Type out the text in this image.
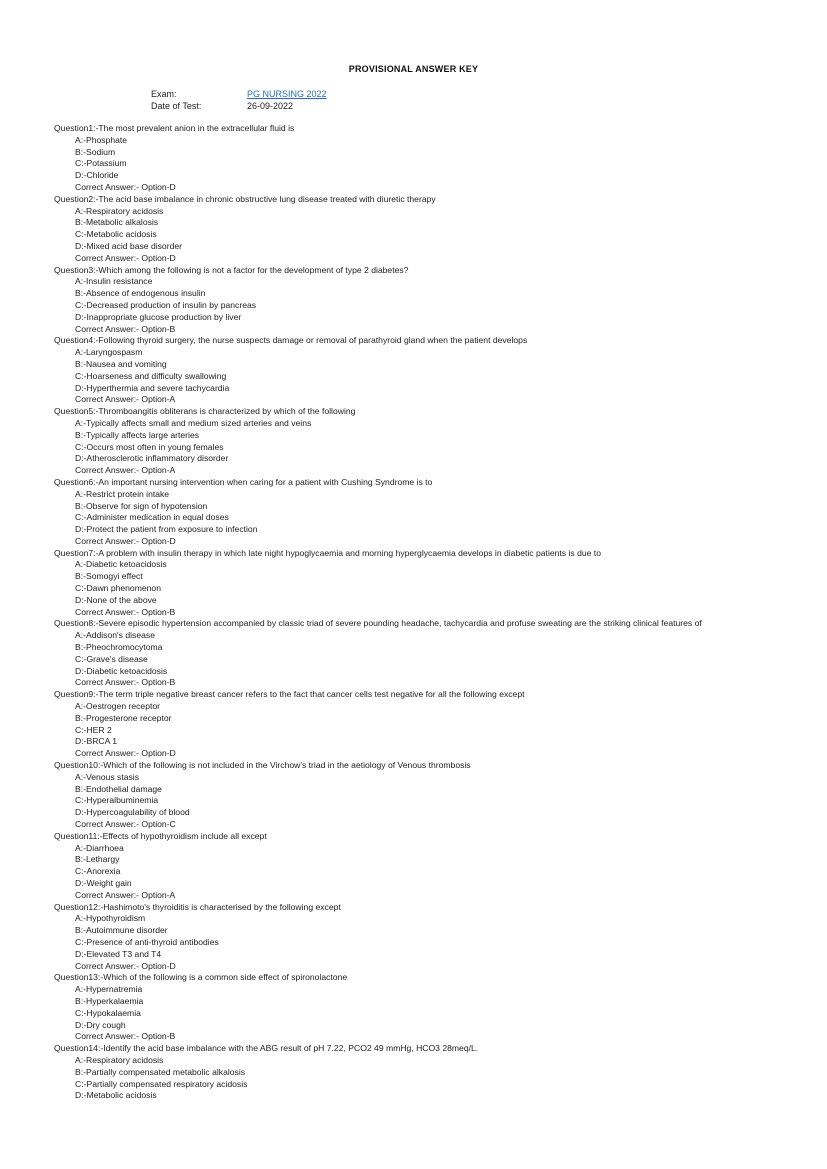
PROVISIONAL ANSWER KEY
Exam:	PG NURSING 2022
Date of Test:	26-09-2022
Question1:-The most prevalent anion in the extracellular fluid is
A:-Phosphate
B:-Sodium
C:-Potassium
D:-Chloride
Correct Answer:- Option-D
Question2:-The acid base imbalance in chronic obstructive lung disease treated with diuretic therapy
A:-Respiratory acidosis
B:-Metabolic alkalosis
C:-Metabolic acidosis
D:-Mixed acid base disorder
Correct Answer:- Option-D
Question3:-Which among the following is not a factor for the development of type 2 diabetes?
A:-Insulin resistance
B:-Absence of endogenous insulin
C:-Decreased production of insulin by pancreas
D:-Inappropriate glucose production by liver
Correct Answer:- Option-B
Question4:-Following thyroid surgery, the nurse suspects damage or removal of parathyroid gland when the patient develops
A:-Laryngospasm
B:-Nausea and vomiting
C:-Hoarseness and difficulty swallowing
D:-Hyperthermia and severe tachycardia
Correct Answer:- Option-A
Question5:-Thromboangitis obliterans is characterized by which of the following
A:-Typically affects small and medium sized arteries and veins
B:-Typically affects large arteries
C:-Occurs most often in young females
D:-Atherosclerotic inflammatory disorder
Correct Answer:- Option-A
Question6:-An important nursing intervention when caring for a patient with Cushing Syndrome is to
A:-Restrict protein intake
B:-Observe for sign of hypotension
C:-Administer medication in equal doses
D:-Protect the patient from exposure to infection
Correct Answer:- Option-D
Question7:-A problem with insulin therapy in which late night hypoglycaemia and morning hyperglycaemia develops in diabetic patients is due to
A:-Diabetic ketoacidosis
B:-Somogyi effect
C:-Dawn phenomenon
D:-None of the above
Correct Answer:- Option-B
Question8:-Severe episodic hypertension accompanied by classic triad of severe pounding headache, tachycardia and profuse sweating are the striking clinical features of
A:-Addison's disease
B:-Pheochromocytoma
C:-Grave's disease
D:-Diabetic ketoacidosis
Correct Answer:- Option-B
Question9:-The term triple negative breast cancer refers to the fact that cancer cells test negative for all the following except
A:-Oestrogen receptor
B:-Progesterone receptor
C:-HER 2
D:-BRCA 1
Correct Answer:- Option-D
Question10:-Which of the following is not included in the Virchow's triad in the aetiology of Venous thrombosis
A:-Venous stasis
B:-Endothelial damage
C:-Hyperalbuminemia
D:-Hypercoagulability of blood
Correct Answer:- Option-C
Question11:-Effects of hypothyroidism include all except
A:-Diarrhoea
B:-Lethargy
C:-Anorexia
D:-Weight gain
Correct Answer:- Option-A
Question12:-Hashimoto's thyroiditis is characterised by the following except
A:-Hypothyroidism
B:-Autoimmune disorder
C:-Presence of anti-thyroid antibodies
D:-Elevated T3 and T4
Correct Answer:- Option-D
Question13:-Which of the following is a common side effect of spironolactone
A:-Hypernatremia
B:-Hyperkalaemia
C:-Hypokalaemia
D:-Dry cough
Correct Answer:- Option-B
Question14:-Identify the acid base imbalance with the ABG result of pH 7.22, PCO2 49 mmHg, HCO3 28meq/L.
A:-Respiratory acidosis
B:-Partially compensated metabolic alkalosis
C:-Partially compensated respiratory acidosis
D:-Metabolic acidosis
